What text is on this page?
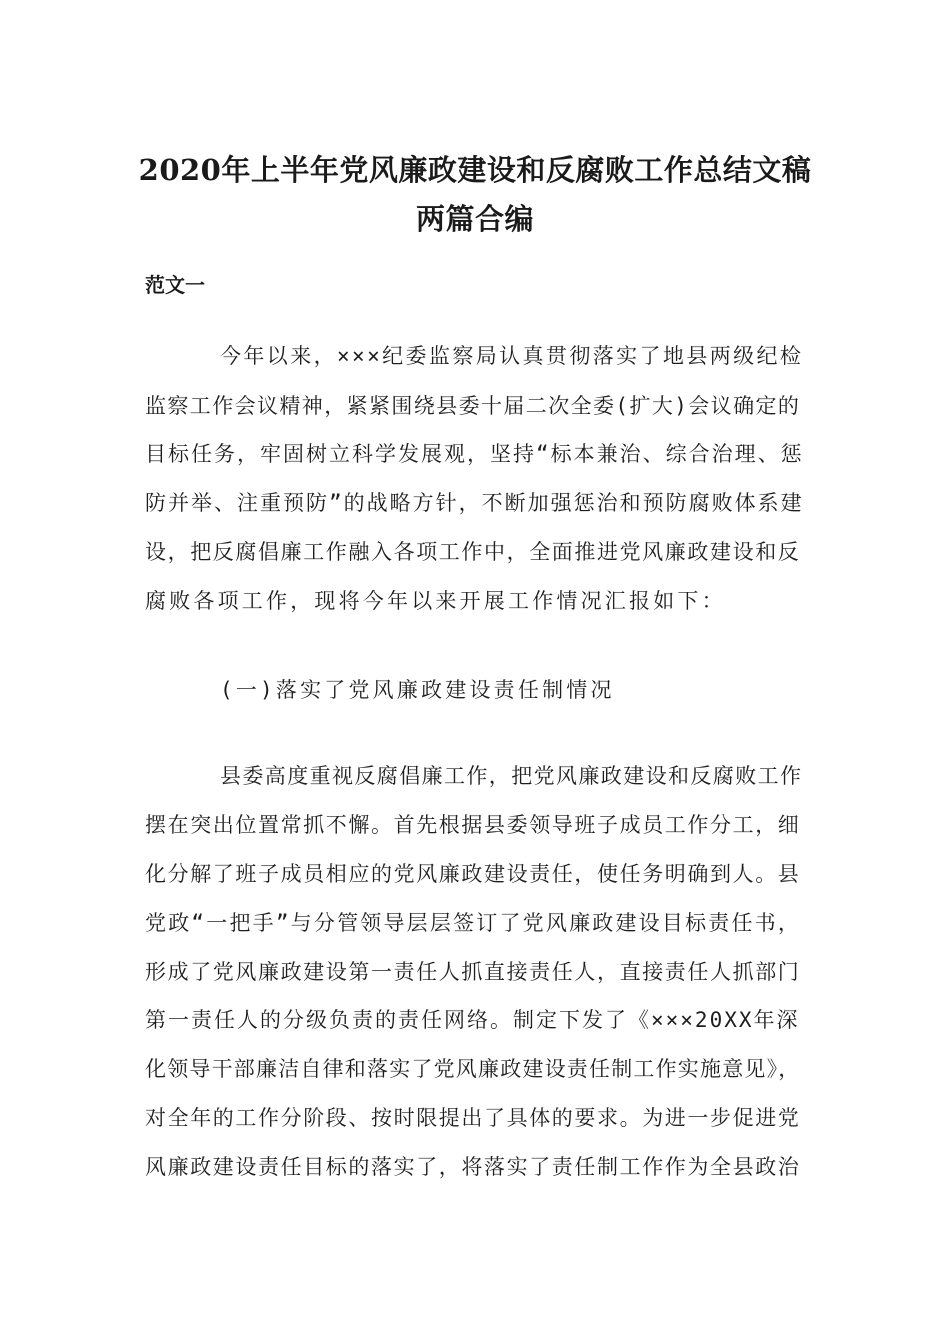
2020年上半年党风廉政建设和反腐败工作总结文稿
两篇合编
范文一
今年以来，×××纪委监察局认真贯彻落实了地县两级纪检
监察工作会议精神，紧紧围绕县委十届二次全委(扩大)会议确定的
目标任务，牢固树立科学发展观，坚持“标本兼治、综合治理、惩
防并举、注重预防”的战略方针，不断加强惩治和预防腐败体系建
设，把反腐倡廉工作融入各项工作中，全面推进党风廉政建设和反
腐败各项工作，现将今年以来开展工作情况汇报如下：
(一)落实了党风廉政建设责任制情况
县委高度重视反腐倡廉工作，把党风廉政建设和反腐败工作
摆在突出位置常抓不懈。首先根据县委领导班子成员工作分工，细
化分解了班子成员相应的党风廉政建设责任，使任务明确到人。县
党政“一把手”与分管领导层层签订了党风廉政建设目标责任书，
形成了党风廉政建设第一责任人抓直接责任人，直接责任人抓部门
第一责任人的分级负责的责任网络。制定下发了《×××20XX年深
化领导干部廉洁自律和落实了党风廉政建设责任制工作实施意见》，
对全年的工作分阶段、按时限提出了具体的要求。为进一步促进党
风廉政建设责任目标的落实了，将落实了责任制工作作为全县政治
